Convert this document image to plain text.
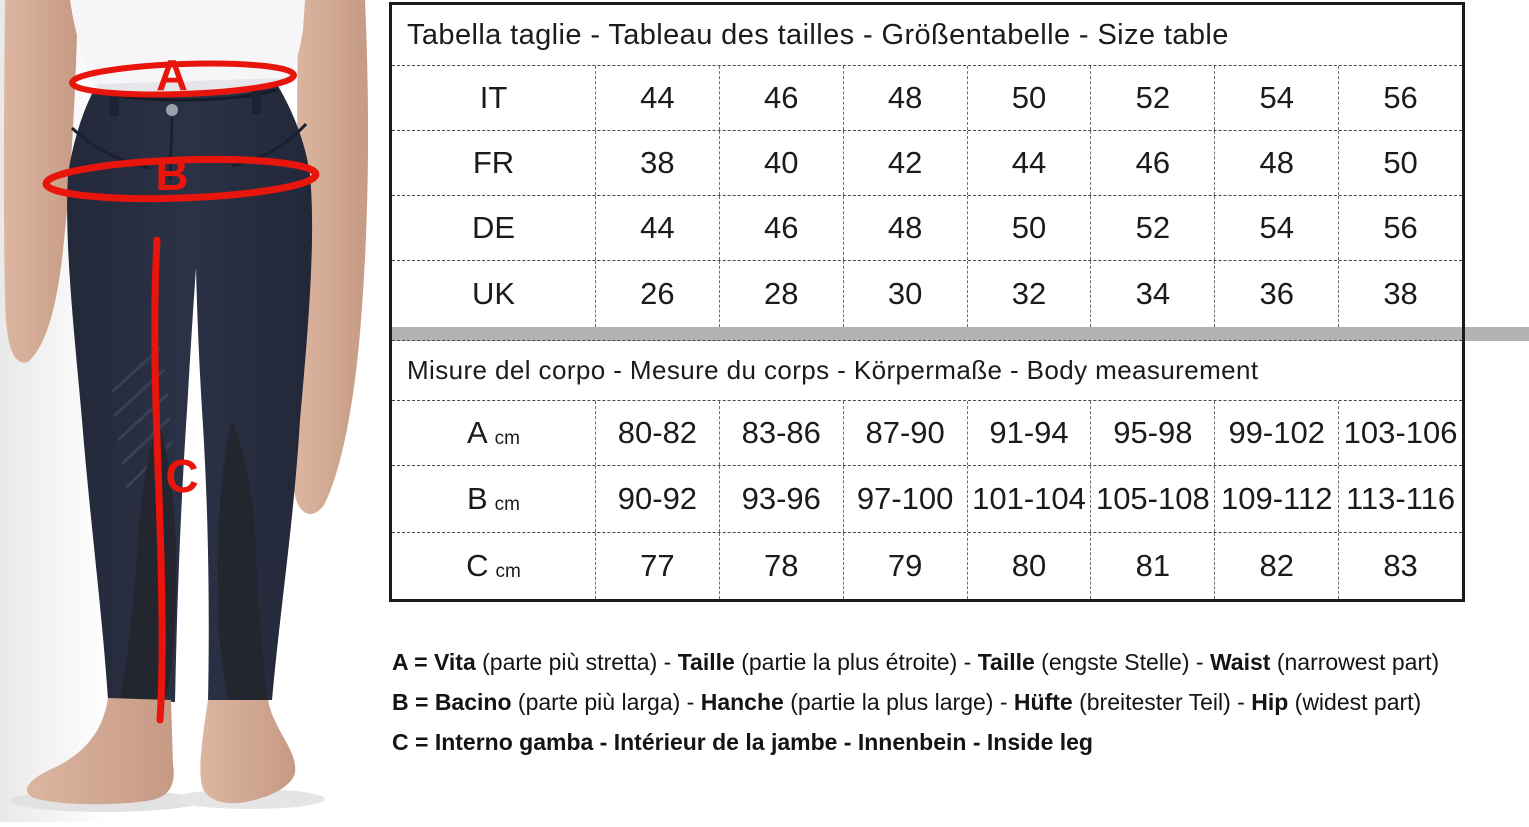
A
B
C
Tabella taglie - Tableau des tailles - Größentabelle - Size table
IT	44	46	48	50	52	54	56
FR	38	40	42	44	46	48	50
DE	44	46	48	50	52	54	56
UK	26	28	30	32	34	36	38
Misure del corpo - Mesure du corps - Körpermaße - Body measurement
A cm	80-82	83-86	87-90	91-94	95-98	99-102 103-106
B cm	90-92	93-96	97-100 101-104 105-108 109-112 113-116
C cm	77	78	79	80	81	82	83
A = Vita (parte più stretta) - Taille (partie la plus étroite) - Taille (engste Stelle) - Waist (narrowest part)
B = Bacino (parte più larga) - Hanche (partie la plus large) - Hüfte (breitester Teil) - Hip (widest part)
C = Interno gamba - Intérieur de la jambe - Innenbein - Inside leg
